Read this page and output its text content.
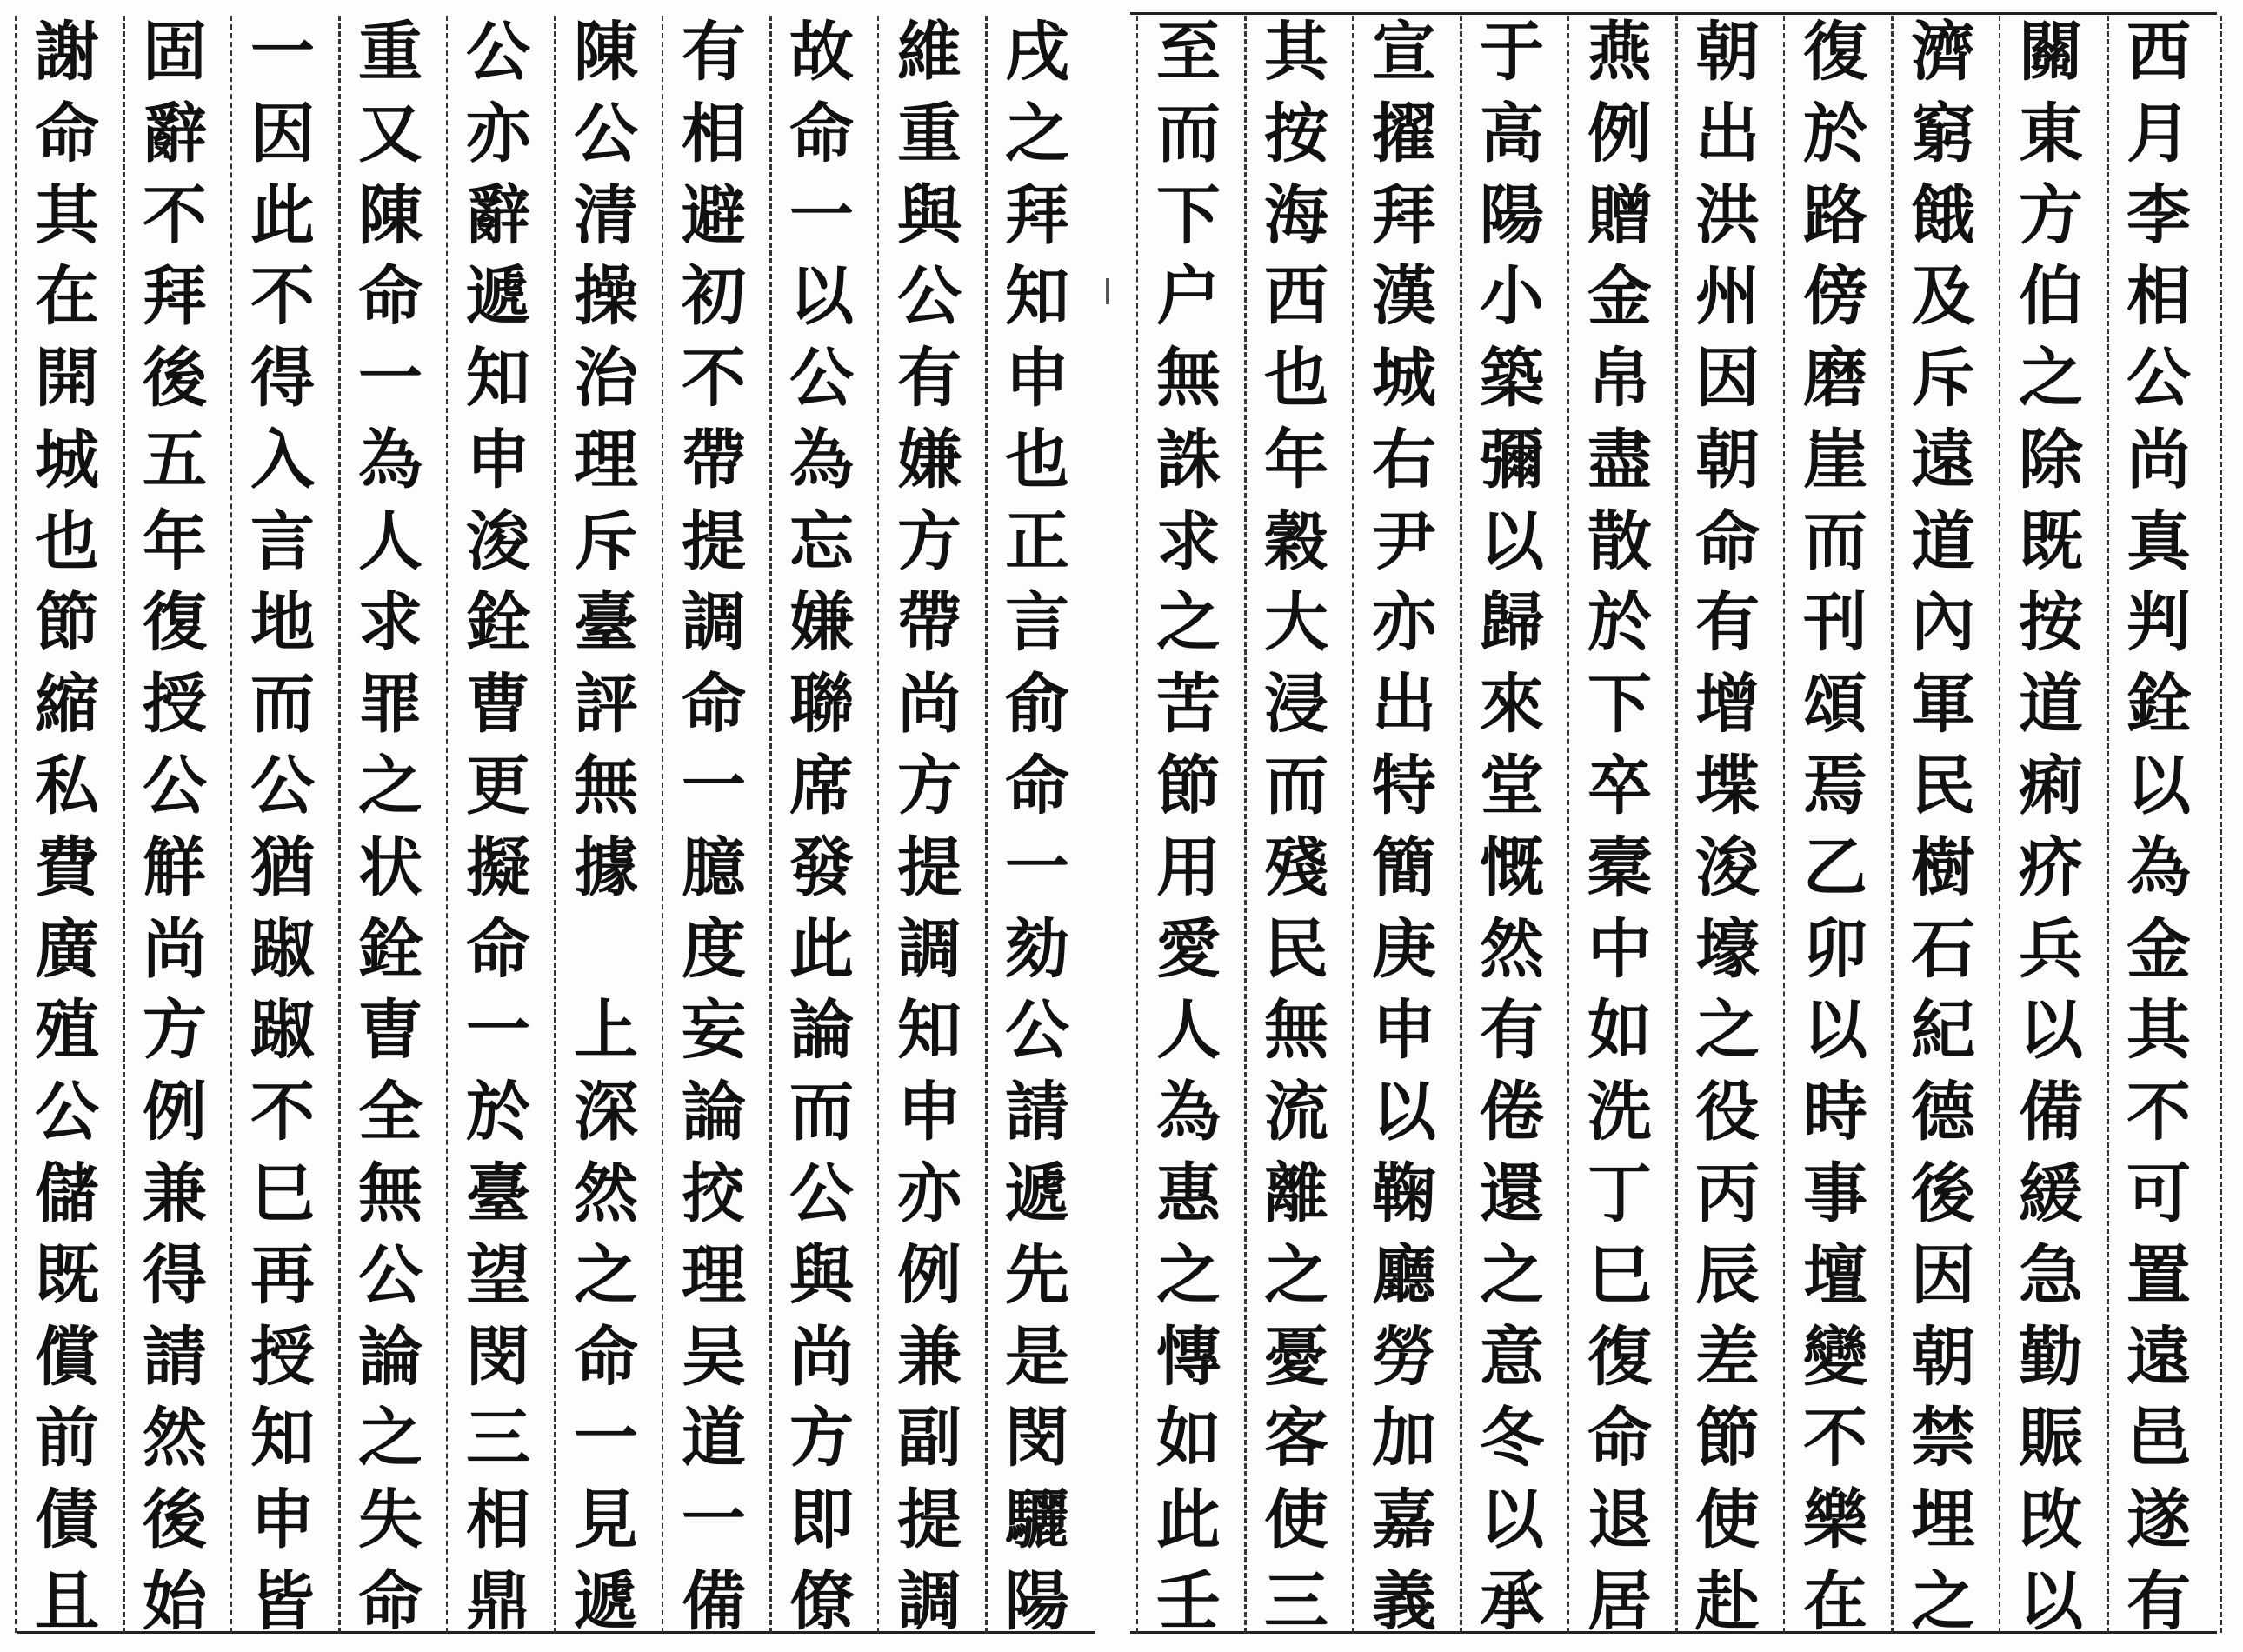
西
月
李
相
公
尚
真
判
銓
以
為
金
其
不
可
置
遠
邑
遂
有
關
東
方
伯
之
除
既
按
道
痢
疥
兵
以
備
緩
急
勤
賑
攺
以
濟
窮
餓
及
斥
遠
道
內
軍
民
樹
石
紀
德
後
因
朝
禁
埋
之
復
於
路
傍
磨
崖
而
刊
頌
焉
乙
卯
以
時
事
壇
變
不
樂
在
朝
出
洪
州
因
朝
命
有
增
堞
浚
壕
之
役
丙
辰
差
節
使
赴
燕
例
贈
金
帛
盡
散
於
下
卒
槖
中
如
洗
丁
巳
復
命
退
居
于
高
陽
小
築
彌
以
歸
來
堂
慨
然
有
倦
還
之
意
冬
以
承
宣
擢
拜
漢
城
右
尹
亦
出
特
簡
庚
申
以
鞠
廳
勞
加
嘉
義
其
按
海
西
也
年
穀
大
浸
而
殘
民
無
流
離
之
憂
客
使
三
至
而
下
户
無
誅
求
之
苦
節
用
愛
人
為
惠
之
慱
如
此
壬
戌
之
拜
知
申
也
正
言
俞
命
一
劾
公
請
遞
先
是
閔
驪
陽
維
重
與
公
有
嫌
方
帶
尚
方
提
調
知
申
亦
例
兼
副
提
調
故
命
一
以
公
為
忘
嫌
聯
席
發
此
論
而
公
與
尚
方
即
僚
有
相
避
初
不
帶
提
調
命
一
臆
度
妄
論
挍
理
吴
道
一
備
陳
公
清
操
治
理
斥
臺
評
無
據

上
深
然
之
命
一
見
遞
公
亦
辭
遞
知
申
浚
銓
曹
更
擬
命
一
於
臺
望
閔
三
相
鼎
重
又
陳
命
一
為
人
求
罪
之
状
銓
曺
全
無
公
論
之
失
命
一
因
此
不
得
入
言
地
而
公
猶
踧
踧
不
巳
再
授
知
申
皆
固
辭
不
拜
後
五
年
復
授
公
觧
尚
方
例
兼
得
請
然
後
始
謝
命
其
在
開
城
也
節
縮
私
費
廣
殖
公
儲
既
償
前
債
且
